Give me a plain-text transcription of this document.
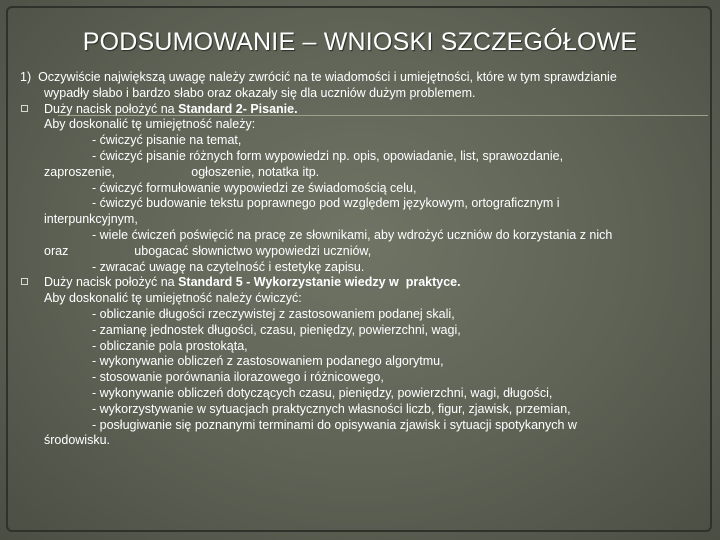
PODSUMOWANIE – WNIOSKI SZCZEGÓŁOWE
1) Oczywiście największą uwagę należy zwrócić na te wiadomości i umiejętności, które w tym sprawdzianie
wypadły słabo i bardzo słabo oraz okazały się dla uczniów dużym problemem.
Duży nacisk położyć na Standard 2- Pisanie.
Aby doskonalić tę umiejętność należy:
- ćwiczyć pisanie na temat,
- ćwiczyć pisanie różnych form wypowiedzi np. opis, opowiadanie, list, sprawozdanie,
zaproszenie,                      ogłoszenie, notatka itp.
- ćwiczyć formułowanie wypowiedzi ze świadomością celu,
- ćwiczyć budowanie tekstu poprawnego pod względem językowym, ortograficznym i
interpunkcyjnym,
- wiele ćwiczeń poświęcić na pracę ze słownikami, aby wdrożyć uczniów do korzystania z nich
oraz                   ubogacać słownictwo wypowiedzi uczniów,
- zwracać uwagę na czytelność i estetykę zapisu.
Duży nacisk położyć na Standard 5 - Wykorzystanie wiedzy w  praktyce.
Aby doskonalić tę umiejętność należy ćwiczyć:
- obliczanie długości rzeczywistej z zastosowaniem podanej skali,
- zamianę jednostek długości, czasu, pieniędzy, powierzchni, wagi,
- obliczanie pola prostokąta,
- wykonywanie obliczeń z zastosowaniem podanego algorytmu,
- stosowanie porównania ilorazowego i różnicowego,
- wykonywanie obliczeń dotyczących czasu, pieniędzy, powierzchni, wagi, długości,
- wykorzystywanie w sytuacjach praktycznych własności liczb, figur, zjawisk, przemian,
- posługiwanie się poznanymi terminami do opisywania zjawisk i sytuacji spotykanych w
środowisku.
